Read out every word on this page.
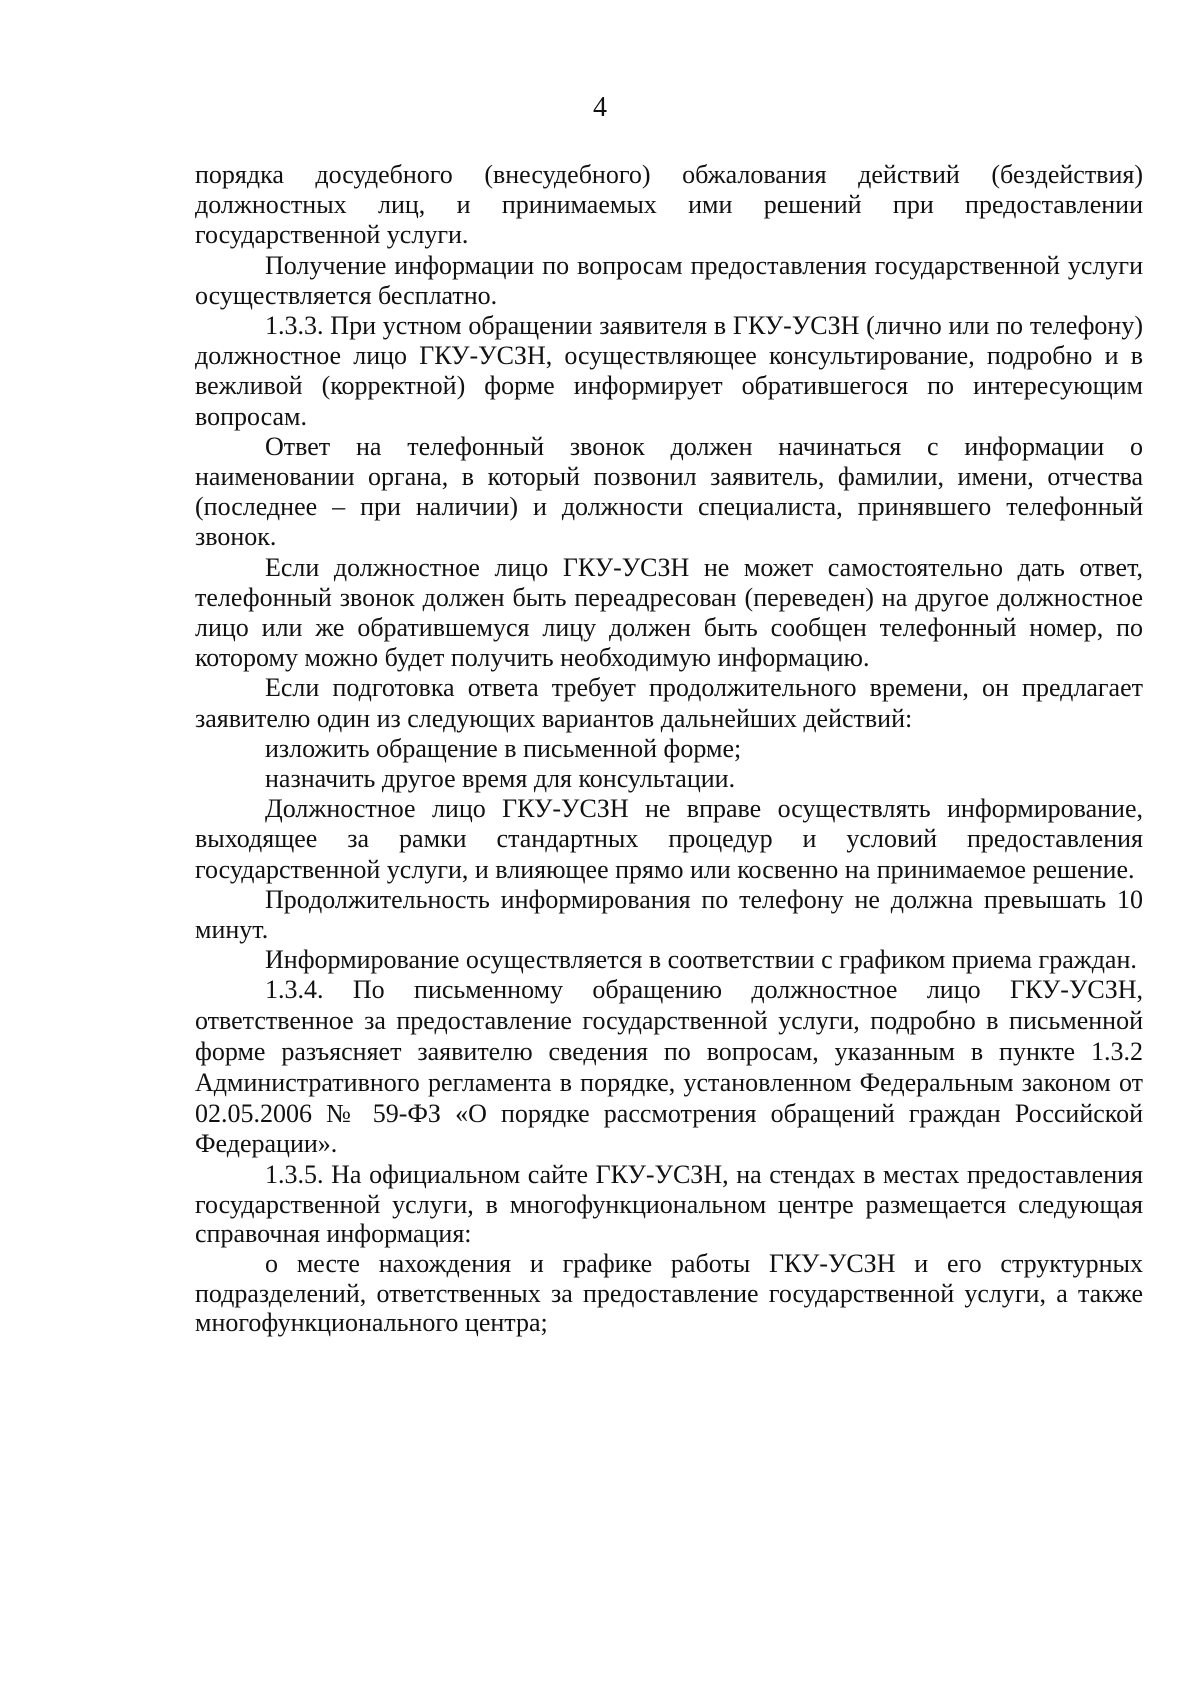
4

порядка досудебного (внесудебного) обжалования действий (бездействия) должностных лиц, и принимаемых ими решений при предоставлении государственной услуги.

Получение информации по вопросам предоставления государственной услуги осуществляется бесплатно.

1.3.3. При устном обращении заявителя в ГКУ-УСЗН (лично или по телефону) должностное лицо ГКУ-УСЗН, осуществляющее консультирование, подробно и в вежливой (корректной) форме информирует обратившегося по интересующим вопросам.

Ответ на телефонный звонок должен начинаться с информации о наименовании органа, в который позвонил заявитель, фамилии, имени, отчества (последнее – при наличии) и должности специалиста, принявшего телефонный звонок.

Если должностное лицо ГКУ-УСЗН не может самостоятельно дать ответ, телефонный звонок должен быть переадресован (переведен) на другое должностное лицо или же обратившемуся лицу должен быть сообщен телефонный номер, по которому можно будет получить необходимую информацию.

Если подготовка ответа требует продолжительного времени, он предлагает заявителю один из следующих вариантов дальнейших действий:

изложить обращение в письменной форме;

назначить другое время для консультации.

Должностное лицо ГКУ-УСЗН не вправе осуществлять информирование, выходящее за рамки стандартных процедур и условий предоставления государственной услуги, и влияющее прямо или косвенно на принимаемое решение.

Продолжительность информирования по телефону не должна превышать 10 минут.

Информирование осуществляется в соответствии с графиком приема граждан.

1.3.4. По письменному обращению должностное лицо ГКУ-УСЗН, ответственное за предоставление государственной услуги, подробно в письменной форме разъясняет заявителю сведения по вопросам, указанным в пункте 1.3.2 Административного регламента в порядке, установленном Федеральным законом от 02.05.2006 № 59-ФЗ «О порядке рассмотрения обращений граждан Российской Федерации».

1.3.5. На официальном сайте ГКУ-УСЗН, на стендах в местах предоставления государственной услуги, в многофункциональном центре размещается следующая справочная информация:

о месте нахождения и графике работы ГКУ-УСЗН и его структурных подразделений, ответственных за предоставление государственной услуги, а также многофункционального центра;
